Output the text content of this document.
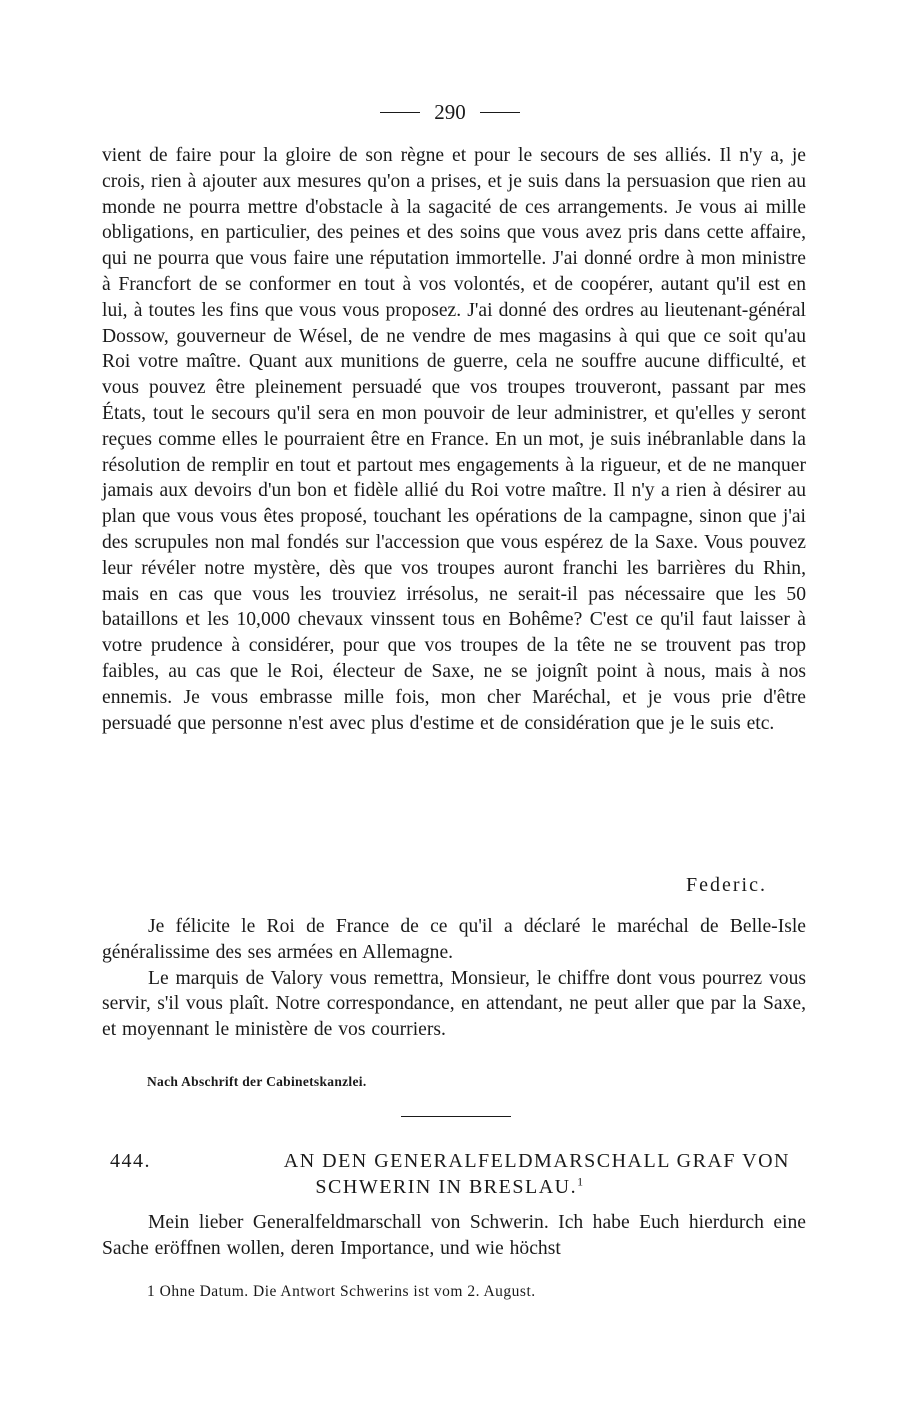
290

vient de faire pour la gloire de son règne et pour le secours de ses alliés. Il n'y a, je crois, rien à ajouter aux mesures qu'on a prises, et je suis dans la persuasion que rien au monde ne pourra mettre d'obstacle à la sagacité de ces arrangements. Je vous ai mille obligations, en particulier, des peines et des soins que vous avez pris dans cette affaire, qui ne pourra que vous faire une réputation immortelle. J'ai donné ordre à mon ministre à Francfort de se conformer en tout à vos volontés, et de coopérer, autant qu'il est en lui, à toutes les fins que vous vous proposez. J'ai donné des ordres au lieutenant-général Dossow, gouverneur de Wésel, de ne vendre de mes magasins à qui que ce soit qu'au Roi votre maître. Quant aux munitions de guerre, cela ne souffre aucune difficulté, et vous pouvez être pleinement persuadé que vos troupes trouveront, passant par mes États, tout le secours qu'il sera en mon pouvoir de leur administrer, et qu'elles y seront reçues comme elles le pourraient être en France. En un mot, je suis inébranlable dans la résolution de remplir en tout et partout mes engagements à la rigueur, et de ne manquer jamais aux devoirs d'un bon et fidèle allié du Roi votre maître. Il n'y a rien à désirer au plan que vous vous êtes proposé, touchant les opérations de la campagne, sinon que j'ai des scrupules non mal fondés sur l'accession que vous espérez de la Saxe. Vous pouvez leur révéler notre mystère, dès que vos troupes auront franchi les barrières du Rhin, mais en cas que vous les trouviez irrésolus, ne serait-il pas nécessaire que les 50 bataillons et les 10,000 chevaux vinssent tous en Bohême? C'est ce qu'il faut laisser à votre prudence à considérer, pour que vos troupes de la tête ne se trouvent pas trop faibles, au cas que le Roi, électeur de Saxe, ne se joignît point à nous, mais à nos ennemis. Je vous embrasse mille fois, mon cher Maréchal, et je vous prie d'être persuadé que personne n'est avec plus d'estime et de considération que je le suis etc.

Federic.

Je félicite le Roi de France de ce qu'il a déclaré le maréchal de Belle-Isle généralissime des ses armées en Allemagne.

Le marquis de Valory vous remettra, Monsieur, le chiffre dont vous pourrez vous servir, s'il vous plaît. Notre correspondance, en attendant, ne peut aller que par la Saxe, et moyennant le ministère de vos courriers.

Nach Abschrift der Cabinetskanzlei.
444.	AN DEN GENERALFELDMARSCHALL GRAF VON
SCHWERIN IN BRESLAU.$^1$

Mein lieber Generalfeldmarschall von Schwerin. Ich habe Euch hierdurch eine Sache eröffnen wollen, deren Importance, und wie höchst

1 Ohne Datum. Die Antwort Schwerins ist vom 2. August.
